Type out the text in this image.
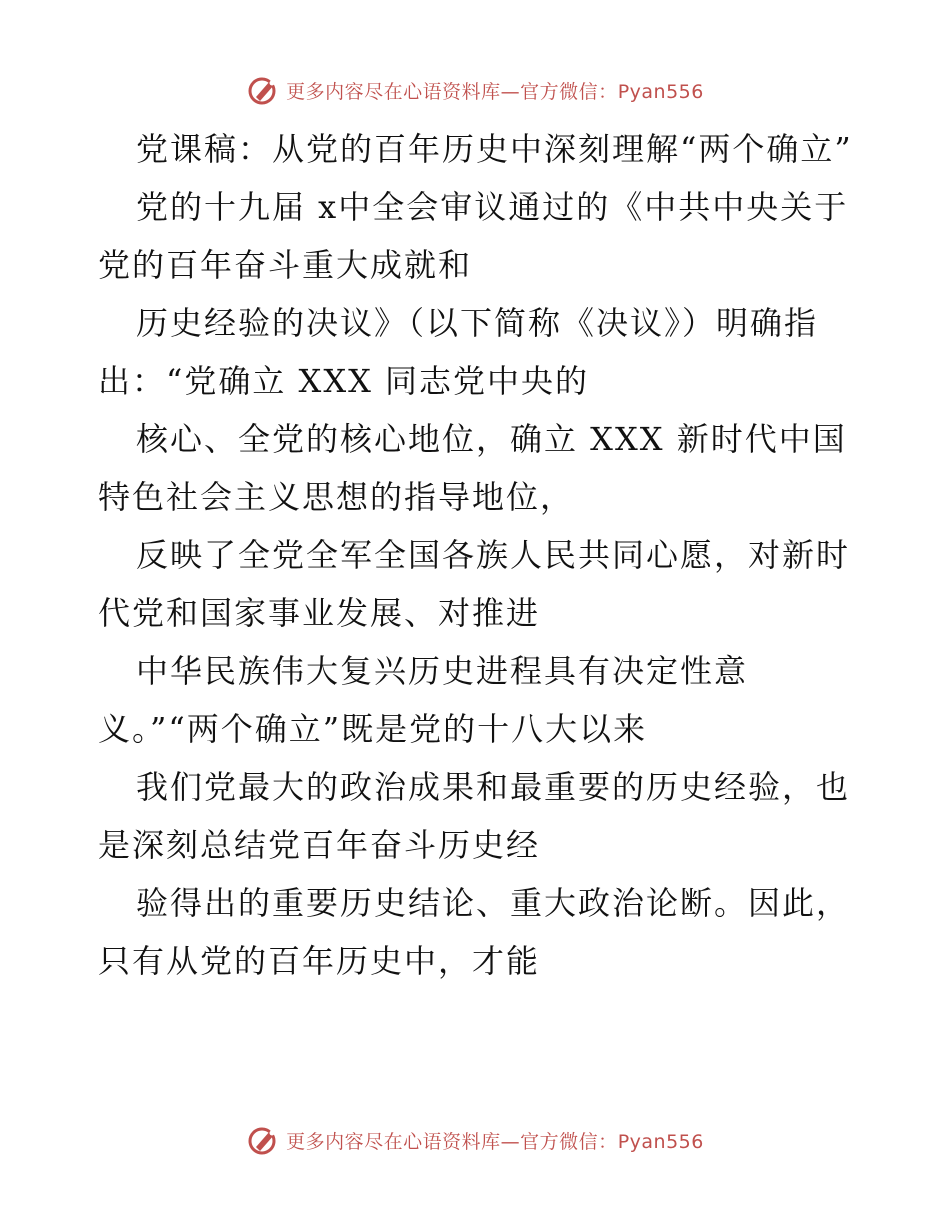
更多内容尽在心语资料库—官方微信：Pyan556

党课稿：从党的百年历史中深刻理解“两个确立”

党的十九届 x中全会审议通过的《中共中央关于党的百年奋斗重大成就和

历史经验的决议》（以下简称《决议》）明确指出：“党确立 XXX 同志党中央的

核心、全党的核心地位，确立 XXX 新时代中国特色社会主义思想的指导地位，

反映了全党全军全国各族人民共同心愿，对新时代党和国家事业发展、对推进

中华民族伟大复兴历史进程具有决定性意义。”“两个确立”既是党的十八大以来

我们党最大的政治成果和最重要的历史经验，也是深刻总结党百年奋斗历史经

验得出的重要历史结论、重大政治论断。因此，只有从党的百年历史中，才能

更多内容尽在心语资料库—官方微信：Pyan556
